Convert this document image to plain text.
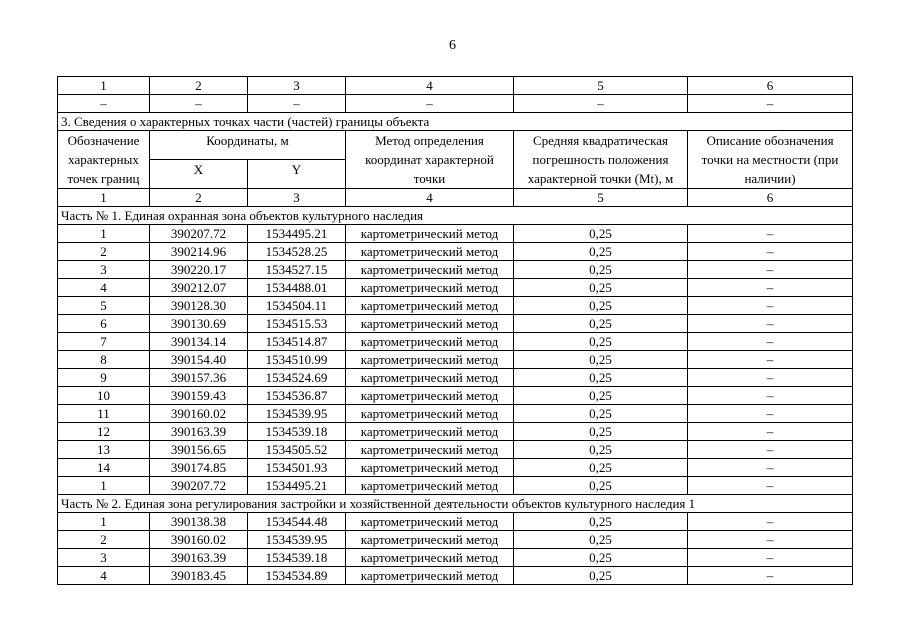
6
1	2	3	4	5	6
–	–	–	–	–	–
3. Сведения о характерных точках части (частей) границы объекта					
Обозначение характерных точек границ	Координаты, м		Метод определения координат характерной точки	Средняя квадратическая погрешность положения характерной точки (Mt), м	Описание обозначения точки на местности (при наличии)
	X	Y			
1	2	3	4	5	6
Часть № 1. Единая охранная зона объектов культурного наследия					
1	390207.72	1534495.21	картометрический метод	0,25	–
2	390214.96	1534528.25	картометрический метод	0,25	–
3	390220.17	1534527.15	картометрический метод	0,25	–
4	390212.07	1534488.01	картометрический метод	0,25	–
5	390128.30	1534504.11	картометрический метод	0,25	–
6	390130.69	1534515.53	картометрический метод	0,25	–
7	390134.14	1534514.87	картометрический метод	0,25	–
8	390154.40	1534510.99	картометрический метод	0,25	–
9	390157.36	1534524.69	картометрический метод	0,25	–
10	390159.43	1534536.87	картометрический метод	0,25	–
11	390160.02	1534539.95	картометрический метод	0,25	–
12	390163.39	1534539.18	картометрический метод	0,25	–
13	390156.65	1534505.52	картометрический метод	0,25	–
14	390174.85	1534501.93	картометрический метод	0,25	–
1	390207.72	1534495.21	картометрический метод	0,25	–
Часть № 2. Единая зона регулирования застройки и хозяйственной деятельности объектов культурного наследия 1					
1	390138.38	1534544.48	картометрический метод	0,25	–
2	390160.02	1534539.95	картометрический метод	0,25	–
3	390163.39	1534539.18	картометрический метод	0,25	–
4	390183.45	1534534.89	картометрический метод	0,25	–
